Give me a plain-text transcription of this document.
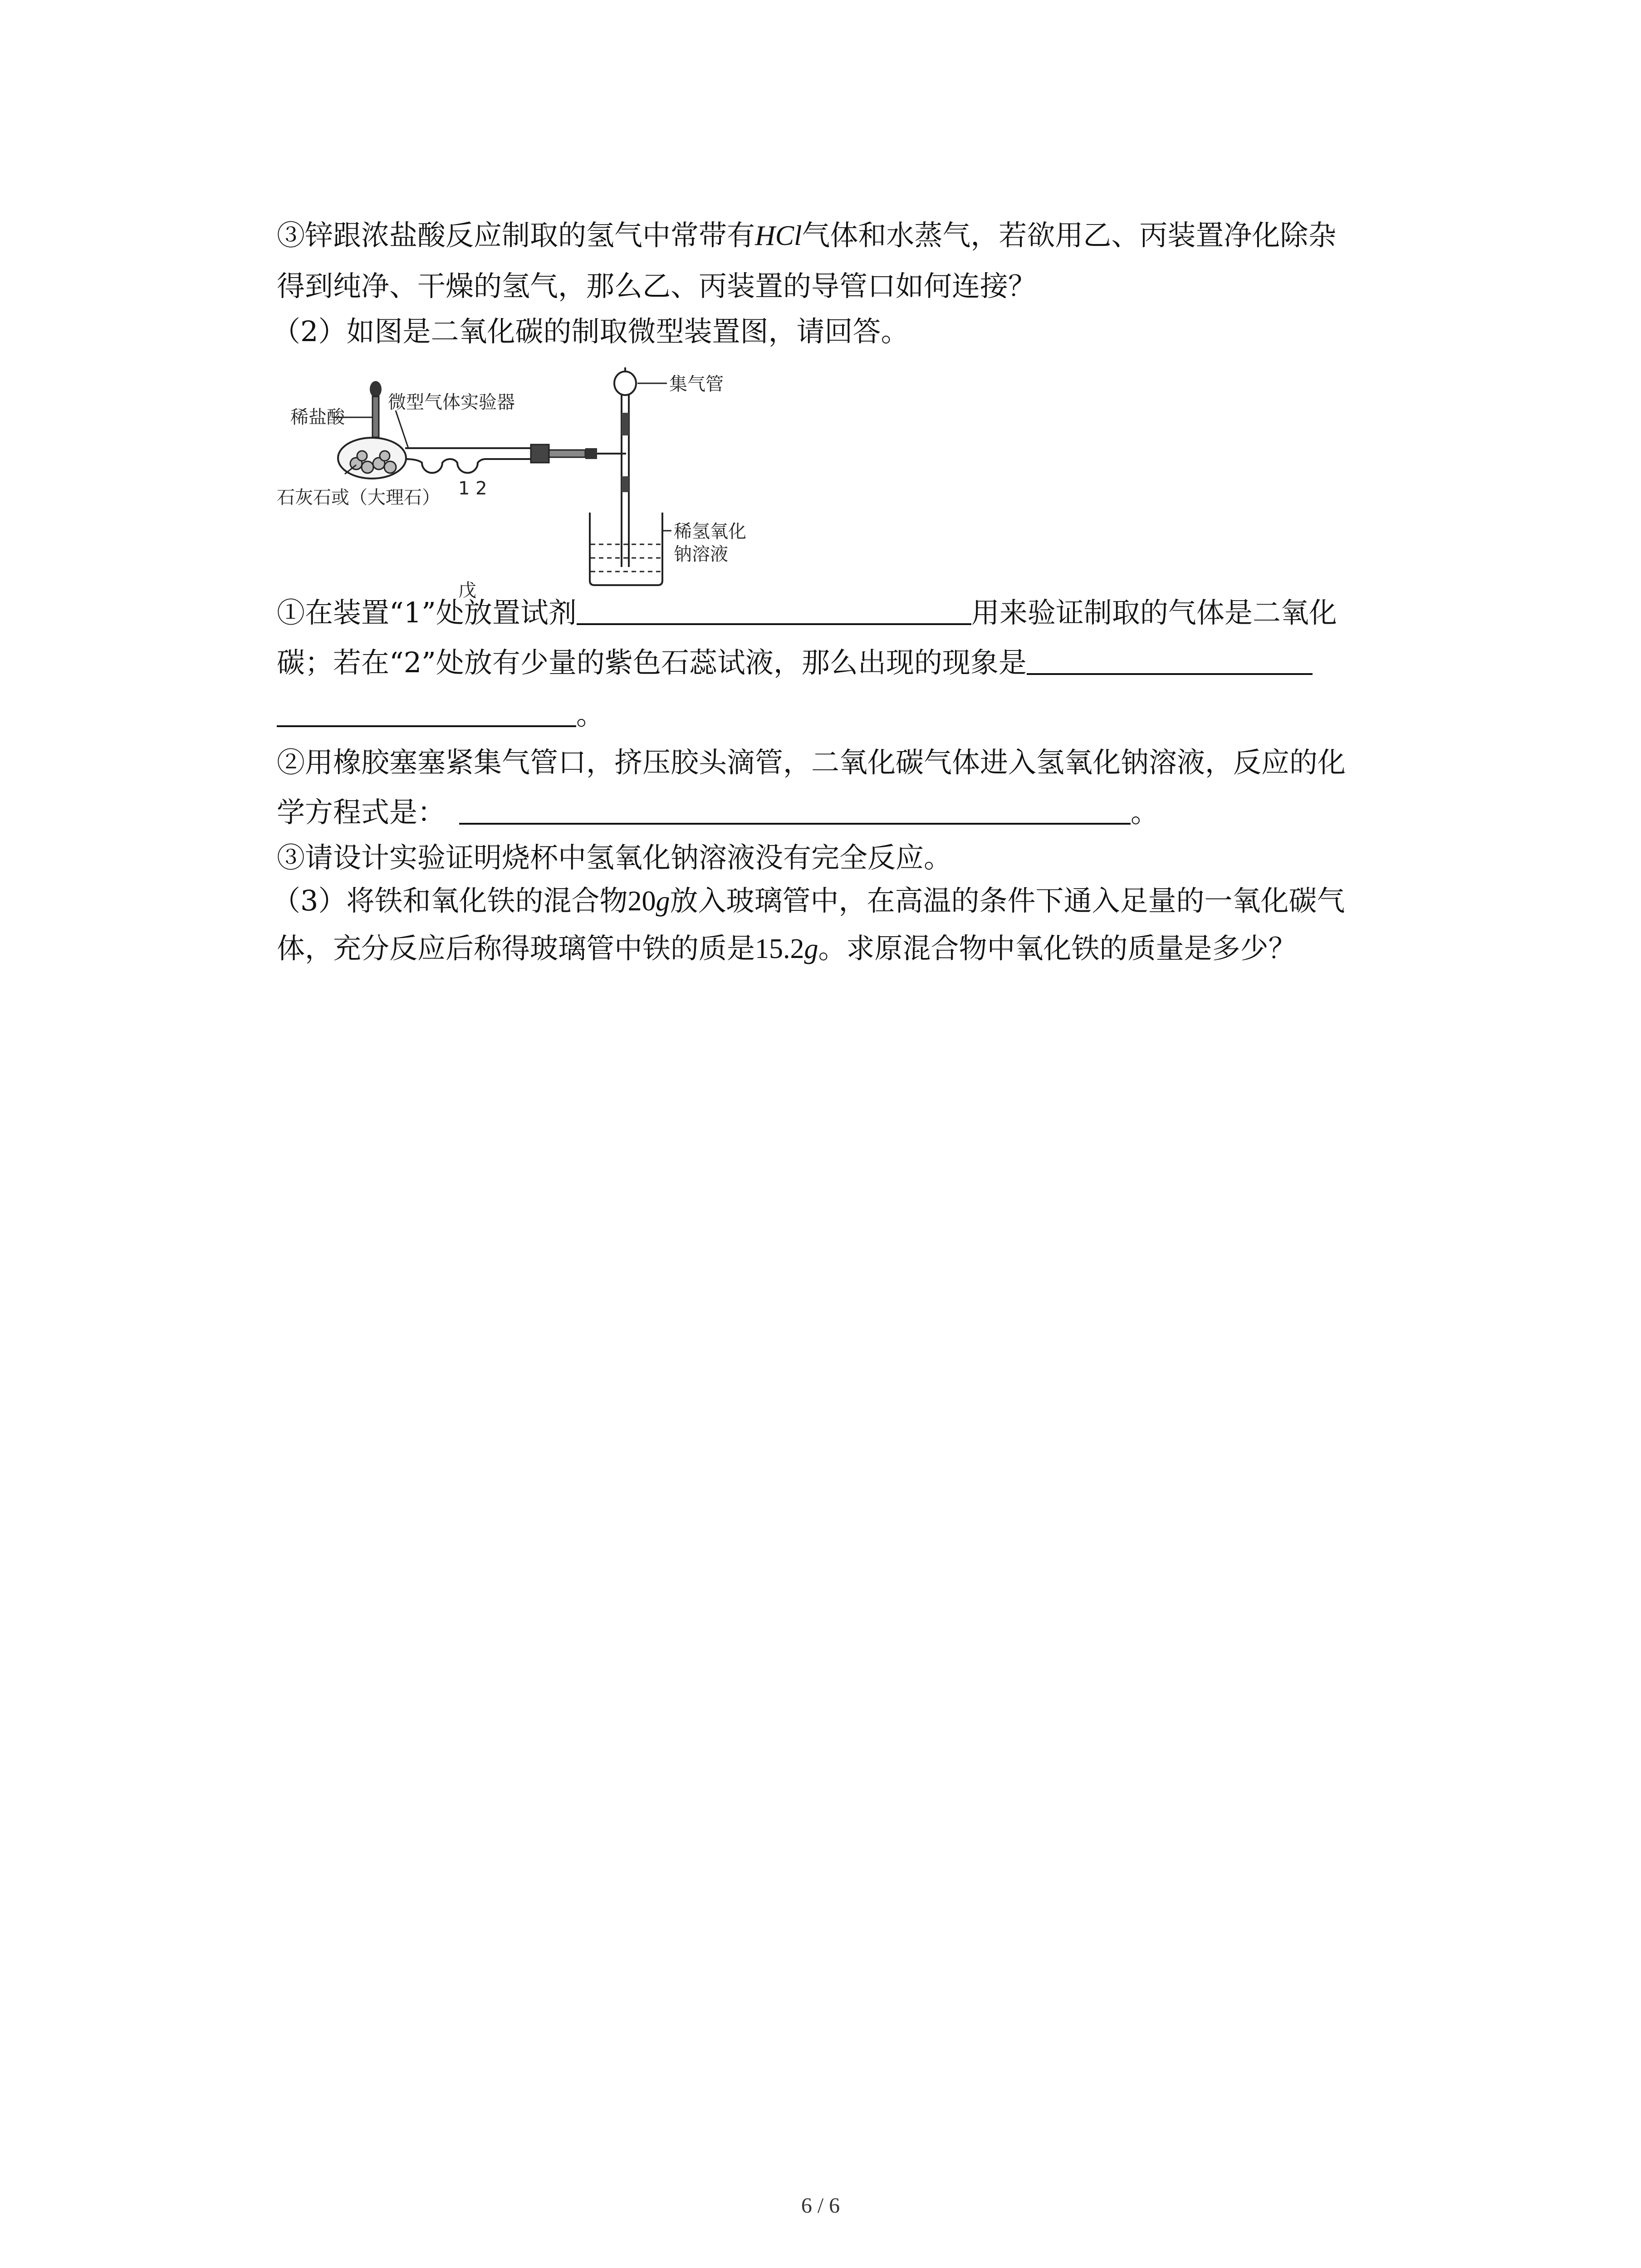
③锌跟浓盐酸反应制取的氢气中常带有HCl气体和水蒸气，若欲用乙、丙装置净化除杂
得到纯净、干燥的氢气，那么乙、丙装置的导管口如何连接？
（2）如图是二氧化碳的制取微型装置图，请回答。
稀盐酸
微型气体实验器
集气管
1 2
石灰石或（大理石）
稀氢氧化
钠溶液
戊
①在装置“1”处放置试剂	用来验证制取的气体是二氧化
碳；若在“2”处放有少量的紫色石蕊试液，那么出现的现象是
。
②用橡胶塞塞紧集气管口，挤压胶头滴管，二氧化碳气体进入氢氧化钠溶液，反应的化
学方程式是：	。
③请设计实验证明烧杯中氢氧化钠溶液没有完全反应。
（3）将铁和氧化铁的混合物20g放入玻璃管中，在高温的条件下通入足量的一氧化碳气
体，充分反应后称得玻璃管中铁的质是15.2g。求原混合物中氧化铁的质量是多少？
6 / 6
